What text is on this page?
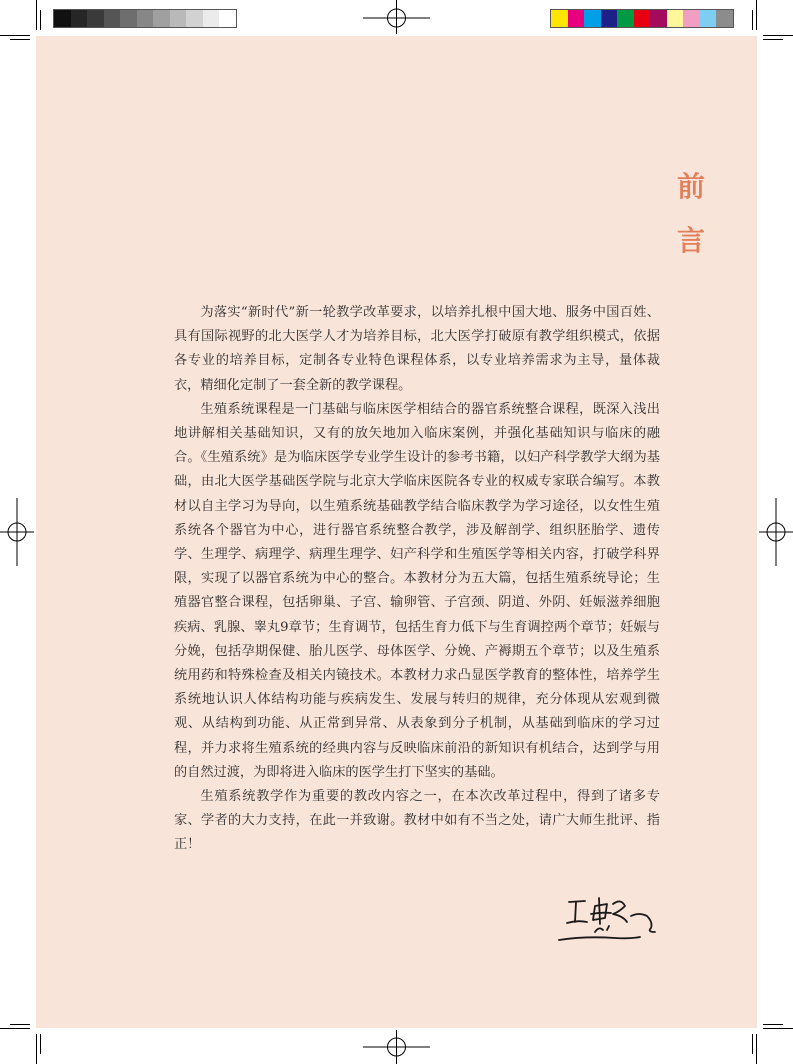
前
言

为落实“新时代”新一轮教学改革要求，以培养扎根中国大地、服务中国百姓、具有国际视野的北大医学人才为培养目标，北大医学打破原有教学组织模式，依据各专业的培养目标，定制各专业特色课程体系，以专业培养需求为主导，量体裁衣，精细化定制了一套全新的教学课程。

生殖系统课程是一门基础与临床医学相结合的器官系统整合课程，既深入浅出地讲解相关基础知识，又有的放矢地加入临床案例，并强化基础知识与临床的融合。《生殖系统》是为临床医学专业学生设计的参考书籍，以妇产科学教学大纲为基础，由北大医学基础医学院与北京大学临床医院各专业的权威专家联合编写。本教材以自主学习为导向，以生殖系统基础教学结合临床教学为学习途径，以女性生殖系统各个器官为中心，进行器官系统整合教学，涉及解剖学、组织胚胎学、遗传学、生理学、病理学、病理生理学、妇产科学和生殖医学等相关内容，打破学科界限，实现了以器官系统为中心的整合。本教材分为五大篇，包括生殖系统导论；生殖器官整合课程，包括卵巢、子宫、输卵管、子宫颈、阴道、外阴、妊娠滋养细胞疾病、乳腺、睾丸9章节；生育调节，包括生育力低下与生育调控两个章节；妊娠与分娩，包括孕期保健、胎儿医学、母体医学、分娩、产褥期五个章节；以及生殖系统用药和特殊检查及相关内镜技术。本教材力求凸显医学教育的整体性，培养学生系统地认识人体结构功能与疾病发生、发展与转归的规律，充分体现从宏观到微观、从结构到功能、从正常到异常、从表象到分子机制，从基础到临床的学习过程，并力求将生殖系统的经典内容与反映临床前沿的新知识有机结合，达到学与用的自然过渡，为即将进入临床的医学生打下坚实的基础。

生殖系统教学作为重要的教改内容之一，在本次改革过程中，得到了诸多专家、学者的大力支持，在此一并致谢。教材中如有不当之处，请广大师生批评、指正！
